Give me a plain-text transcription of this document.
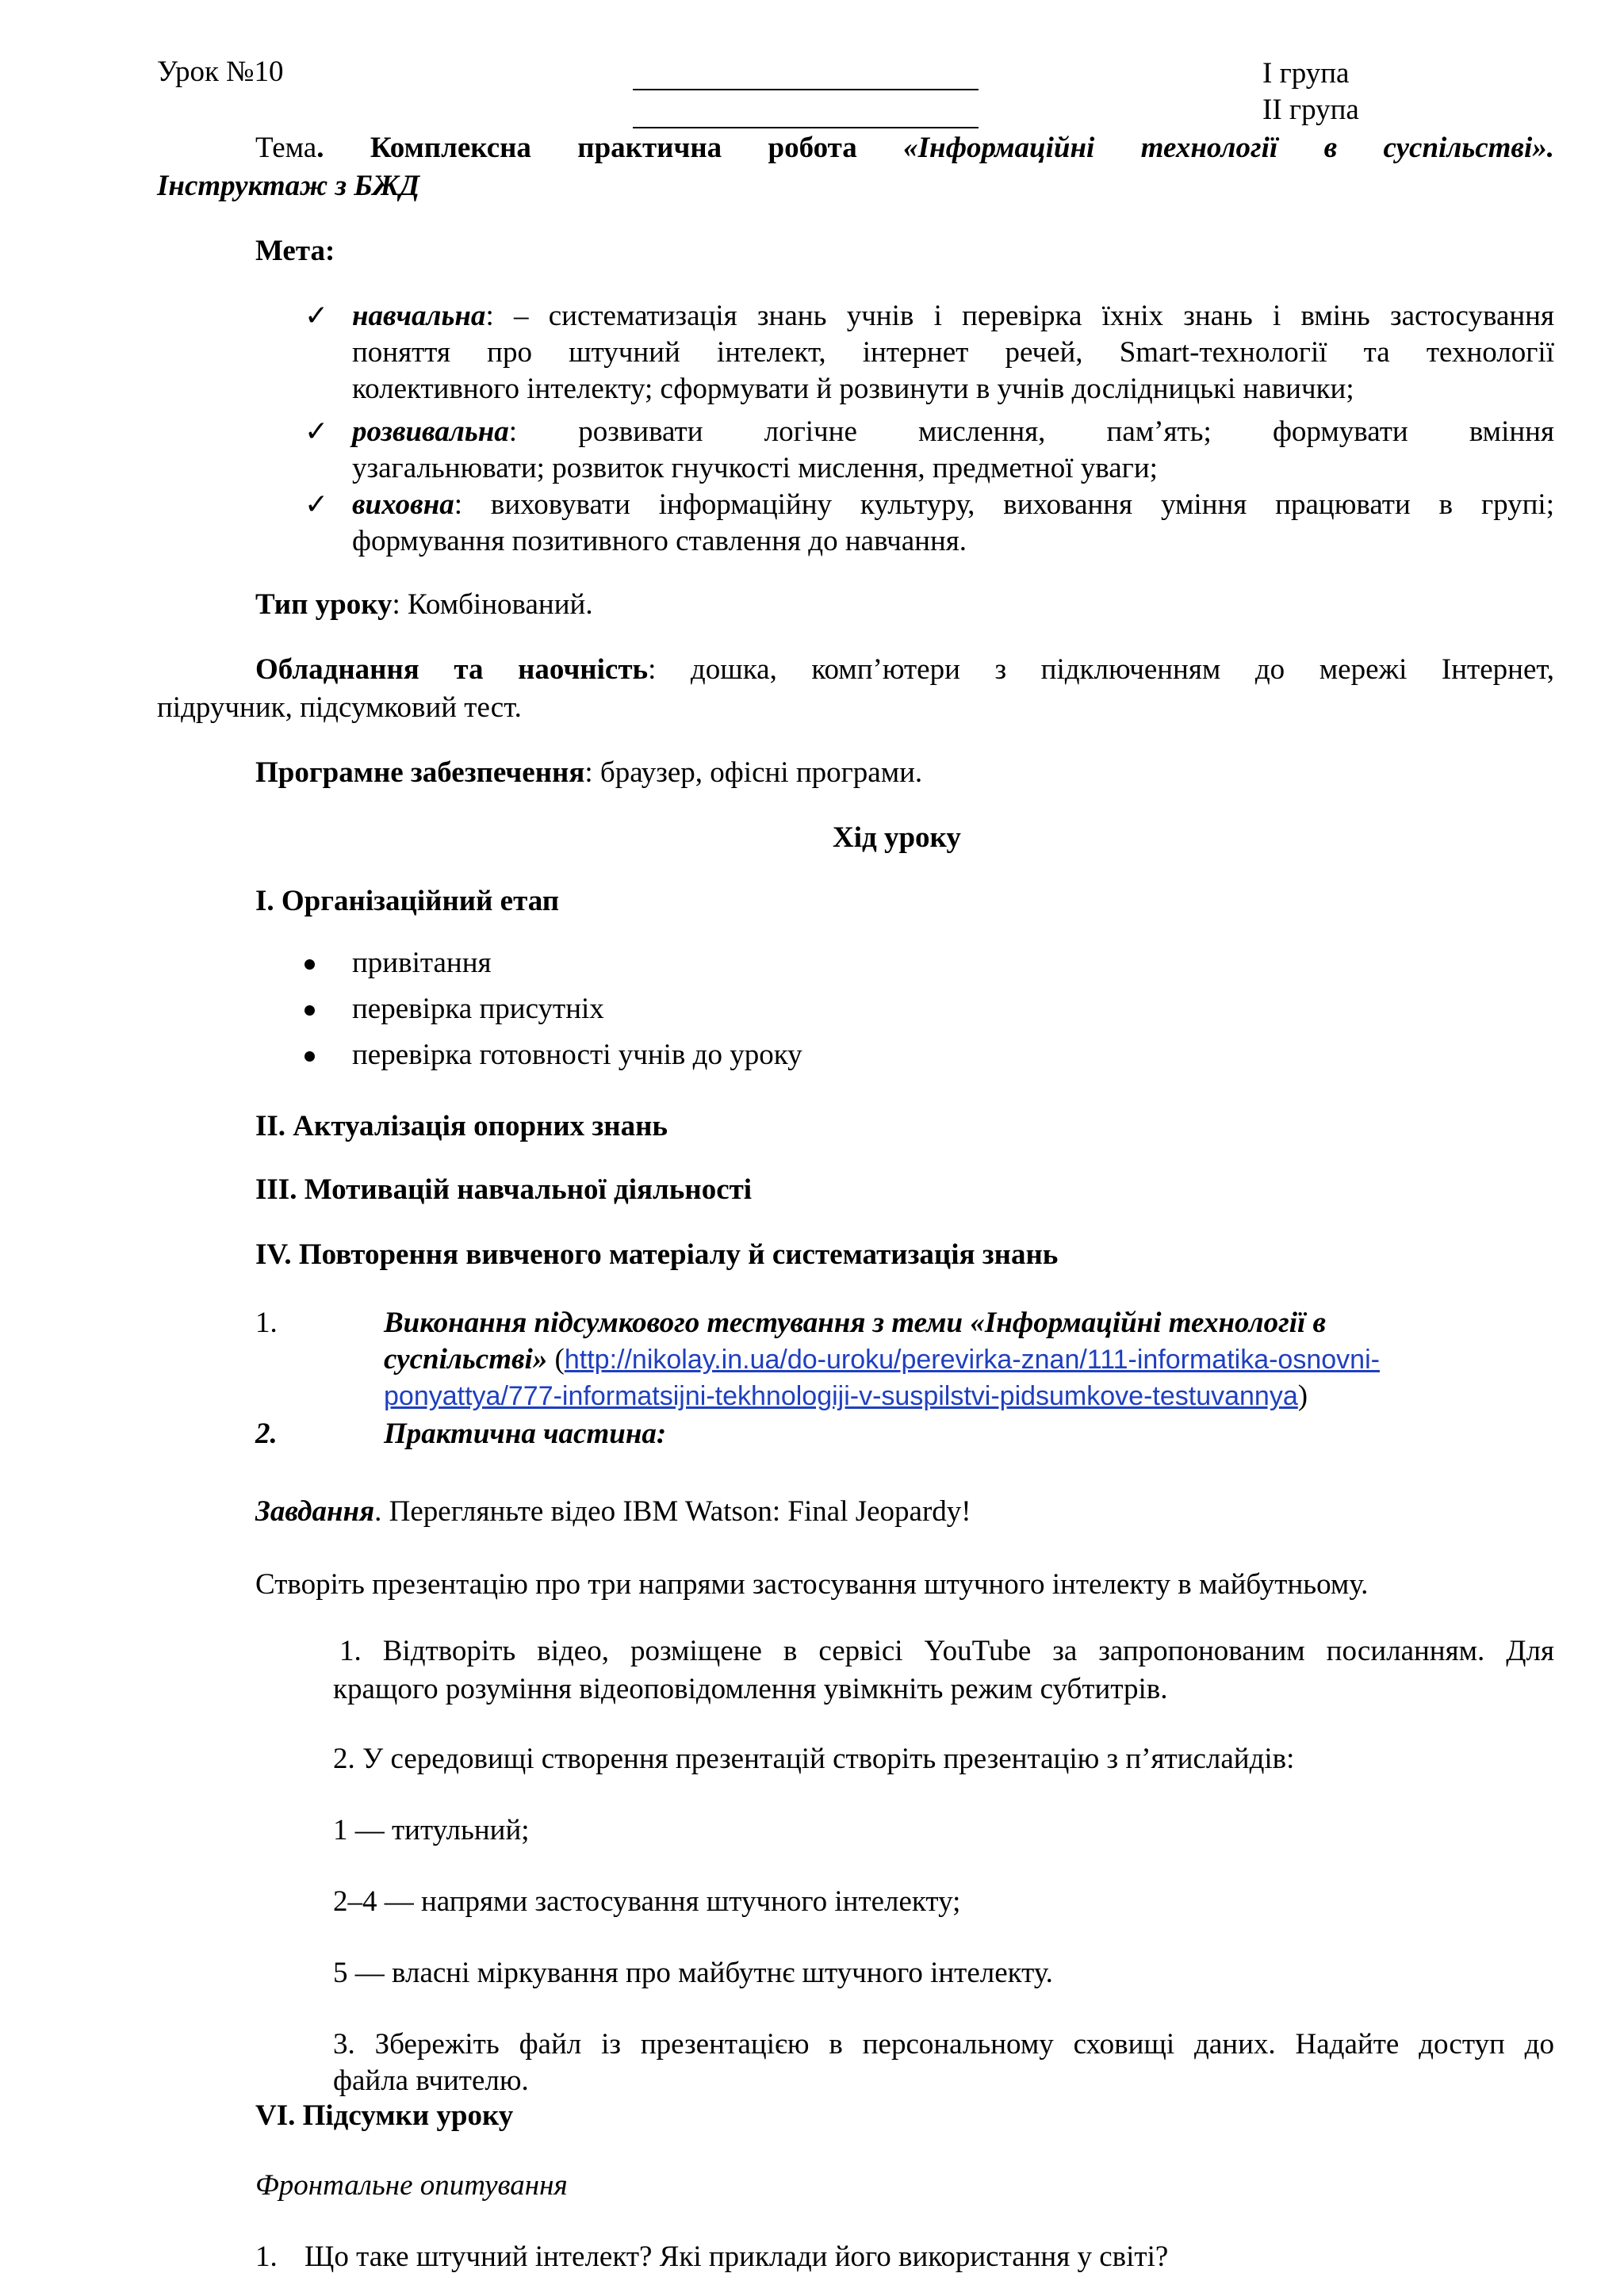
Урок №10	І група
ІІ група
Тема. Комплексна практична робота «Інформаційні технології в суспільстві».
Інструктаж з БЖД
Мета:
✓ навчальна: – систематизація знань учнів і перевірка їхніх знань і вмінь застосування
поняття про штучний інтелект, інтернет речей, Smart-технології та технології
колективного інтелекту; сформувати й розвинути в учнів дослідницькі навички;
✓ розвивальна: розвивати логічне мислення, пам’ять; формувати вміння
узагальнювати; розвиток гнучкості мислення, предметної уваги;
✓ виховна: виховувати інформаційну культуру, виховання уміння працювати в групі;
формування позитивного ставлення до навчання.
Тип уроку: Комбінований.
Обладнання та наочність: дошка, комп’ютери з підключенням до мережі Інтернет,
підручник, підсумковий тест.
Програмне забезпечення: браузер, офісні програми.
Хід уроку
I. Організаційний етап
привітання
перевірка присутніх
перевірка готовності учнів до уроку
II. Актуалізація опорних знань
III. Мотивацій навчальної діяльності
IV. Повторення вивченого матеріалу й систематизація знань
1.	Виконання підсумкового тестування з теми «Інформаційні технології в
суспільстві» (http://nikolay.in.ua/do-uroku/perevirka-znan/111-informatika-osnovni-
ponyattya/777-informatsijni-tekhnologiji-v-suspilstvi-pidsumkove-testuvannya)
2.	Практична частина:
Завдання. Перегляньте відео IBM Watson: Final Jeopardy!
Створіть презентацію про три напрями застосування штучного інтелекту в майбутньому.
1. Відтворіть відео, розміщене в сервісі YouTube за запропонованим посиланням. Для
кращого розуміння відеоповідомлення увімкніть режим субтитрів.
2. У середовищі створення презентацій створіть презентацію з п’ятислайдів:
1 — титульний;
2–4 — напрями застосування штучного інтелекту;
5 — власні міркування про майбутнє штучного інтелекту.
3. Збережіть файл із презентацією в персональному сховищі даних. Надайте доступ до
файла вчителю.
VI. Підсумки уроку
Фронтальне опитування
1. Що таке штучний інтелект? Які приклади його використання у світі?
